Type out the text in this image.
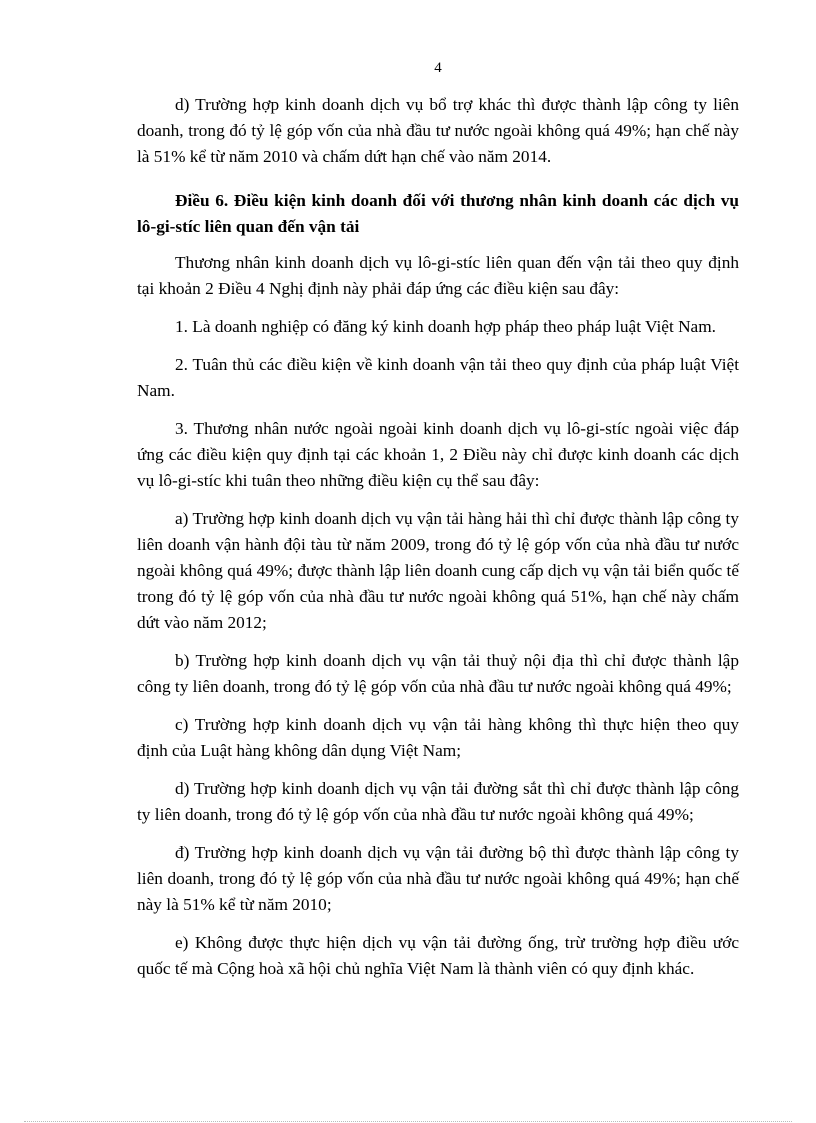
4

d) Trường hợp kinh doanh dịch vụ bổ trợ khác thì được thành lập công ty liên doanh, trong đó tỷ lệ góp vốn của nhà đầu tư nước ngoài không quá 49%; hạn chế này là 51% kể từ năm 2010 và chấm dứt hạn chế vào năm 2014.

Điều 6. Điều kiện kinh doanh đối với thương nhân kinh doanh các dịch vụ lô-gi-stíc liên quan đến vận tải

Thương nhân kinh doanh dịch vụ lô-gi-stíc liên quan đến vận tải theo quy định tại khoản 2 Điều 4 Nghị định này phải đáp ứng các điều kiện sau đây:

1. Là doanh nghiệp có đăng ký kinh doanh hợp pháp theo pháp luật Việt Nam.

2. Tuân thủ các điều kiện về kinh doanh vận tải theo quy định của pháp luật Việt Nam.

3. Thương nhân nước ngoài ngoài kinh doanh dịch vụ lô-gi-stíc ngoài việc đáp ứng các điều kiện quy định tại các khoản 1, 2 Điều này chỉ được kinh doanh các dịch vụ lô-gi-stíc khi tuân theo những điều kiện cụ thể sau đây:

a) Trường hợp kinh doanh dịch vụ vận tải hàng hải thì chỉ được thành lập công ty liên doanh vận hành đội tàu từ năm 2009, trong đó tỷ lệ góp vốn của nhà đầu tư nước ngoài không quá 49%; được thành lập liên doanh cung cấp dịch vụ vận tải biển quốc tế trong đó tỷ lệ góp vốn của nhà đầu tư nước ngoài không quá 51%, hạn chế này chấm dứt vào năm 2012;

b) Trường hợp kinh doanh dịch vụ vận tải thuỷ nội địa thì chỉ được thành lập công ty liên doanh, trong đó tỷ lệ góp vốn của nhà đầu tư nước ngoài không quá 49%;

c) Trường hợp kinh doanh dịch vụ vận tải hàng không thì thực hiện theo quy định của Luật hàng không dân dụng Việt Nam;

d) Trường hợp kinh doanh dịch vụ vận tải đường sắt thì chỉ được thành lập công ty liên doanh, trong đó tỷ lệ góp vốn của nhà đầu tư nước ngoài không quá 49%;

đ) Trường hợp kinh doanh dịch vụ vận tải đường bộ thì được thành lập công ty liên doanh, trong đó tỷ lệ góp vốn của nhà đầu tư nước ngoài không quá 49%; hạn chế này là 51% kể từ năm 2010;

e) Không được thực hiện dịch vụ vận tải đường ống, trừ trường hợp điều ước quốc tế mà Cộng hoà xã hội chủ nghĩa Việt Nam là thành viên có quy định khác.
